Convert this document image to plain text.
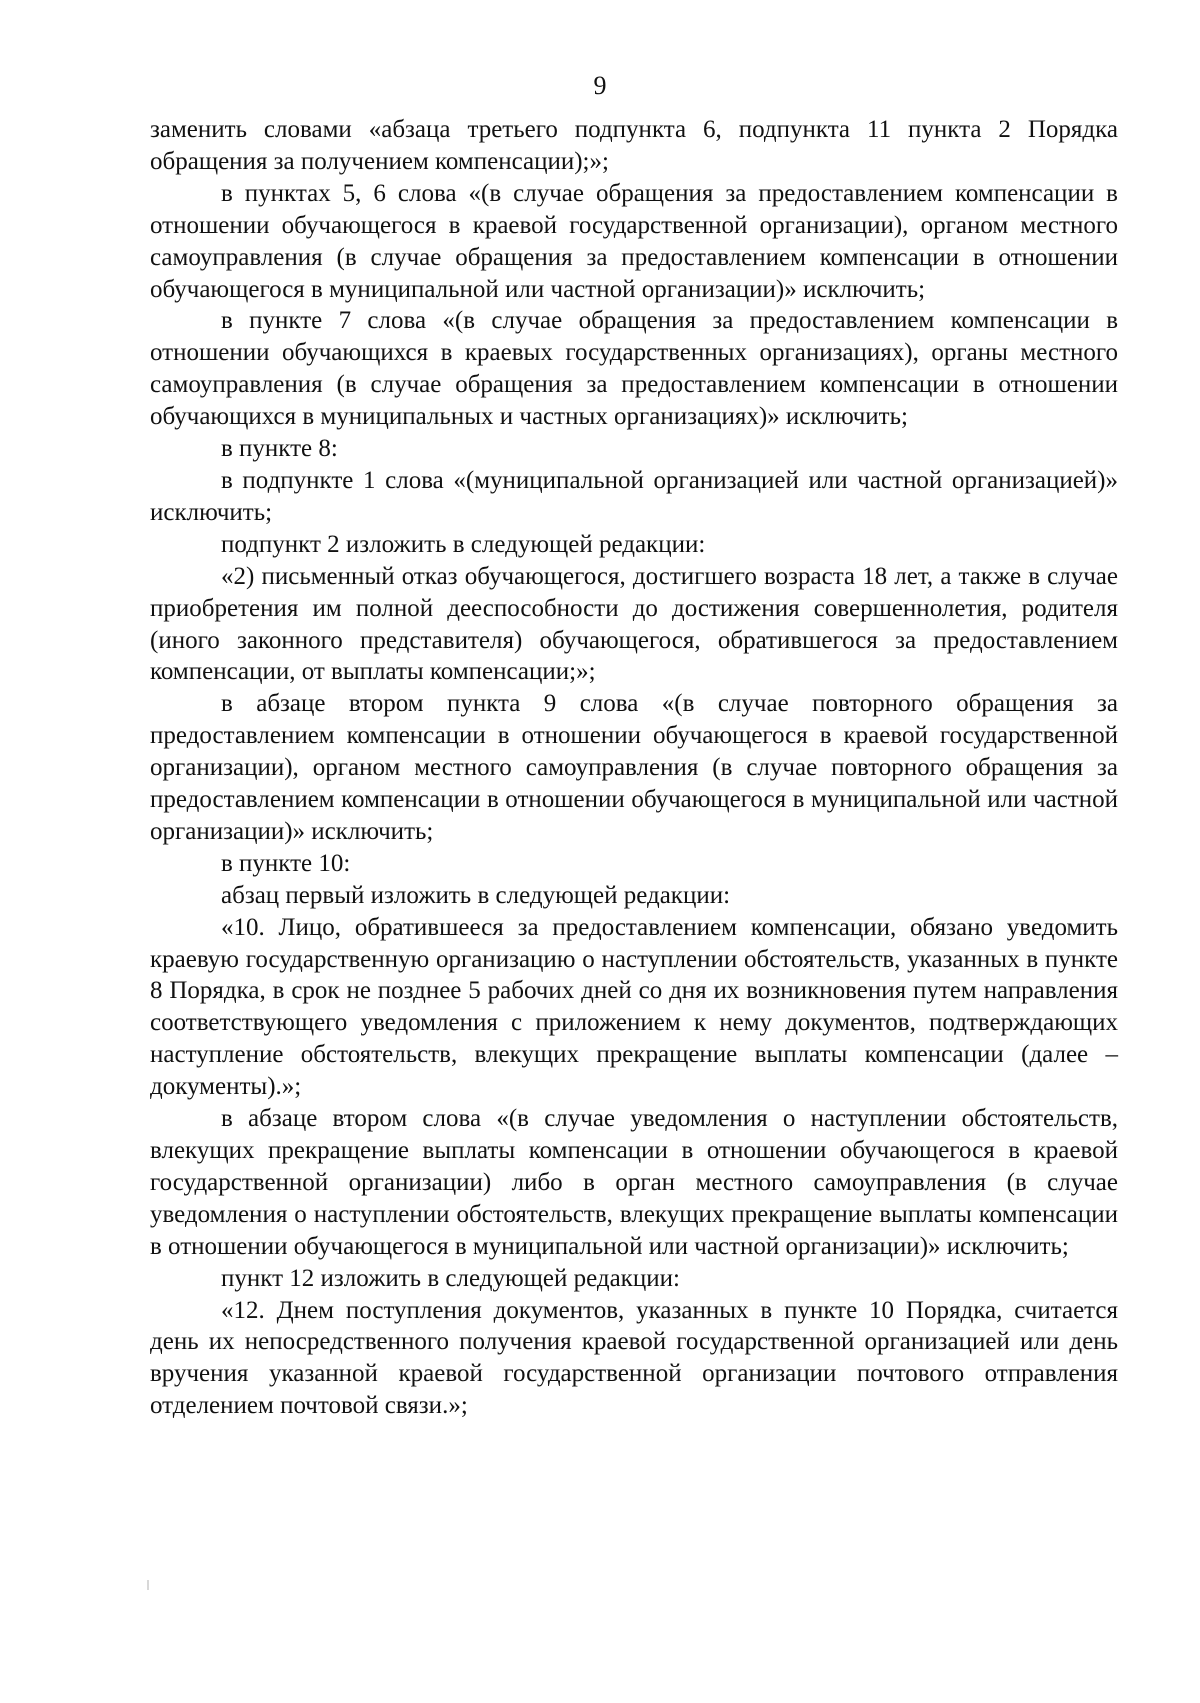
9

заменить словами «абзаца третьего подпункта 6, подпункта 11 пункта 2 Порядка обращения за получением компенсации);»;

в пунктах 5, 6 слова «(в случае обращения за предоставлением компенсации в отношении обучающегося в краевой государственной организации), органом местного самоуправления (в случае обращения за предоставлением компенсации в отношении обучающегося в муниципальной или частной организации)» исключить;

в пункте 7 слова «(в случае обращения за предоставлением компенсации в отношении обучающихся в краевых государственных организациях), органы местного самоуправления (в случае обращения за предоставлением компенсации в отношении обучающихся в муниципальных и частных организациях)» исключить;

в пункте 8:

в подпункте 1 слова «(муниципальной организацией или частной организацией)» исключить;

подпункт 2 изложить в следующей редакции:

«2) письменный отказ обучающегося, достигшего возраста 18 лет, а также в случае приобретения им полной дееспособности до достижения совершеннолетия, родителя (иного законного представителя) обучающегося, обратившегося за предоставлением компенсации, от выплаты компенсации;»;

в абзаце втором пункта 9 слова «(в случае повторного обращения за предоставлением компенсации в отношении обучающегося в краевой государственной организации), органом местного самоуправления (в случае повторного обращения за предоставлением компенсации в отношении обучающегося в муниципальной или частной организации)» исключить;

в пункте 10:

абзац первый изложить в следующей редакции:

«10. Лицо, обратившееся за предоставлением компенсации, обязано уведомить краевую государственную организацию о наступлении обстоятельств, указанных в пункте 8 Порядка, в срок не позднее 5 рабочих дней со дня их возникновения путем направления соответствующего уведомления с приложением к нему документов, подтверждающих наступление обстоятельств, влекущих прекращение выплаты компенсации (далее – документы).»;

в абзаце втором слова «(в случае уведомления о наступлении обстоятельств, влекущих прекращение выплаты компенсации в отношении обучающегося в краевой государственной организации) либо в орган местного самоуправления (в случае уведомления о наступлении обстоятельств, влекущих прекращение выплаты компенсации в отношении обучающегося в муниципальной или частной организации)» исключить;

пункт 12 изложить в следующей редакции:

«12. Днем поступления документов, указанных в пункте 10 Порядка, считается день их непосредственного получения краевой государственной организацией или день вручения указанной краевой государственной организации почтового отправления отделением почтовой связи.»;
